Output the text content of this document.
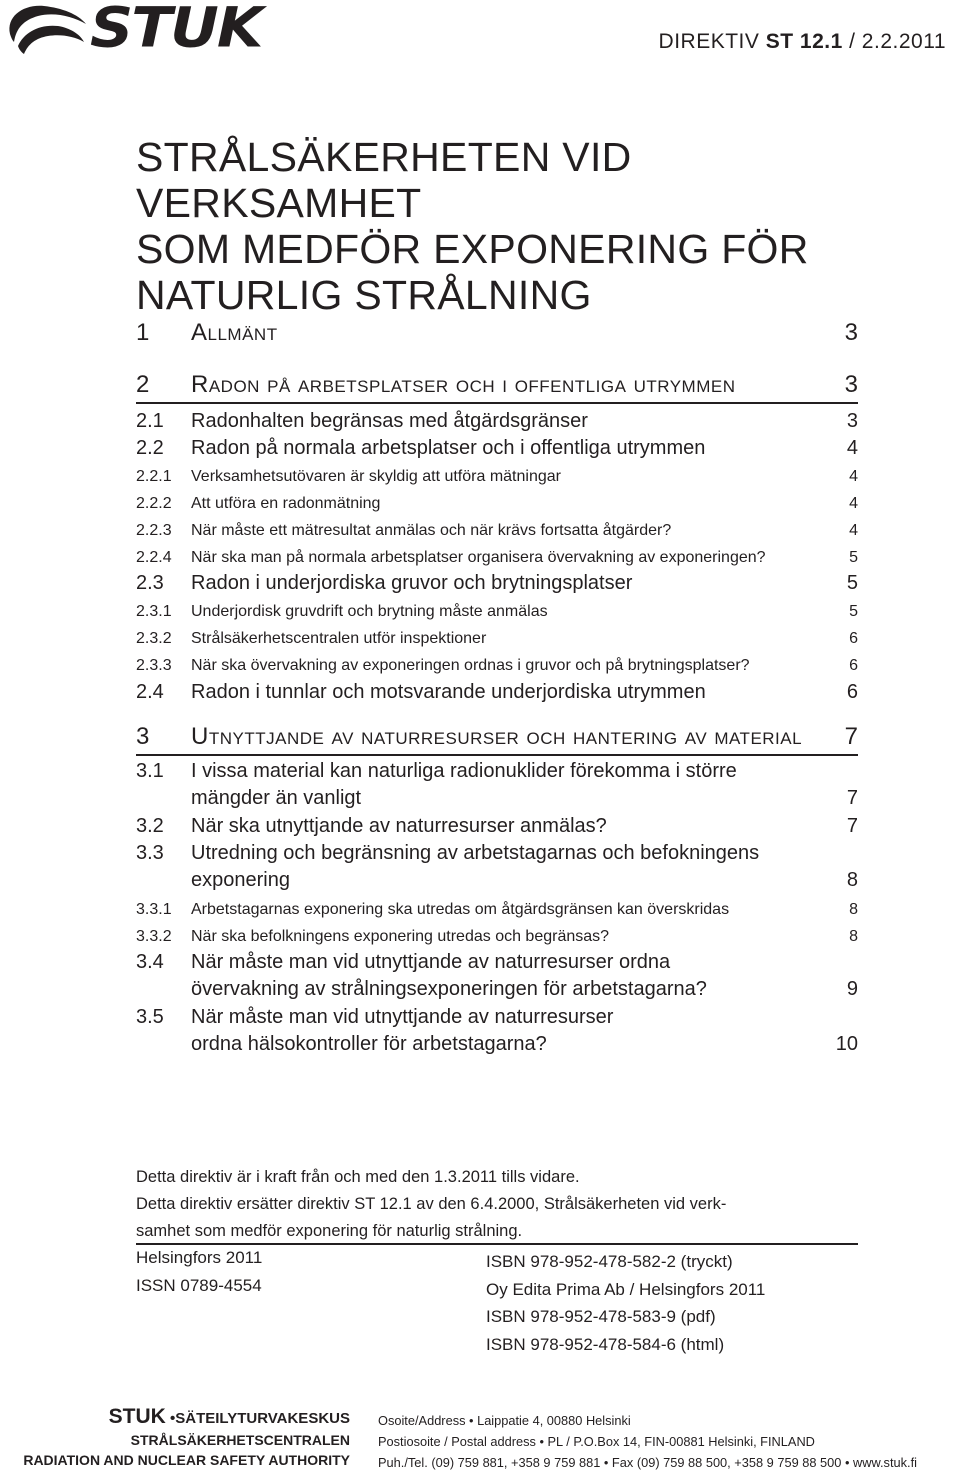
STUK	DIREKTIV ST 12.1 / 2.2.2011
STRÅLSÄKERHETEN VID VERKSAMHET
SOM MEDFÖR EXPONERING FÖR
NATURLIG STRÅLNING
1 Allmänt	3
2 Radon på arbetsplatser och i offentliga utrymmen	3
2.1 Radonhalten begränsas med åtgärdsgränser	3
2.2 Radon på normala arbetsplatser och i offentliga utrymmen	4
2.2.1 Verksamhetsutövaren är skyldig att utföra mätningar	4
2.2.2 Att utföra en radonmätning	4
2.2.3 När måste ett mätresultat anmälas och när krävs fortsatta åtgärder?	4
2.2.4 När ska man på normala arbetsplatser organisera övervakning av exponeringen?	5
2.3 Radon i underjordiska gruvor och brytningsplatser	5
2.3.1 Underjordisk gruvdrift och brytning måste anmälas	5
2.3.2 Strålsäkerhetscentralen utför inspektioner	6
2.3.3 När ska övervakning av exponeringen ordnas i gruvor och på brytningsplatser?	6
2.4 Radon i tunnlar och motsvarande underjordiska utrymmen	6
3 Utnyttjande av naturresurser och hantering av material	7
3.1 I vissa material kan naturliga radionuklider förekomma i större mängder än vanligt	7
3.2 När ska utnyttjande av naturresurser anmälas?	7
3.3 Utredning och begränsning av arbetstagarnas och befokningens exponering	8
3.3.1 Arbetstagarnas exponering ska utredas om åtgärdsgränsen kan överskridas	8
3.3.2 När ska befolkningens exponering utredas och begränsas?	8
3.4 När måste man vid utnyttjande av naturresurser ordna övervakning av strålningsexponeringen för arbetstagarna?	9
3.5 När måste man vid utnyttjande av naturresurser ordna hälsokontroller för arbetstagarna?	10

Detta direktiv är i kraft från och med den 1.3.2011 tills vidare.

Detta direktiv ersätter direktiv ST 12.1 av den 6.4.2000, Strålsäkerheten vid verk-

samhet som medför exponering för naturlig strålning.

Helsingfors 2011
ISSN 0789-4554
ISBN 978-952-478-582-2 (tryckt)
Oy Edita Prima Ab / Helsingfors 2011
ISBN 978-952-478-583-9 (pdf)
ISBN 978-952-478-584-6 (html)
STUK •SÄTEILYTURVAKESKUS
STRÅLSÄKERHETSCENTRALEN
RADIATION AND NUCLEAR SAFETY AUTHORITY
Osoite/Address • Laippatie 4, 00880 Helsinki
Postiosoite / Postal address • PL / P.O.Box 14, FIN-00881 Helsinki, FINLAND
Puh./Tel. (09) 759 881, +358 9 759 881 • Fax (09) 759 88 500, +358 9 759 88 500 • www.stuk.fi
